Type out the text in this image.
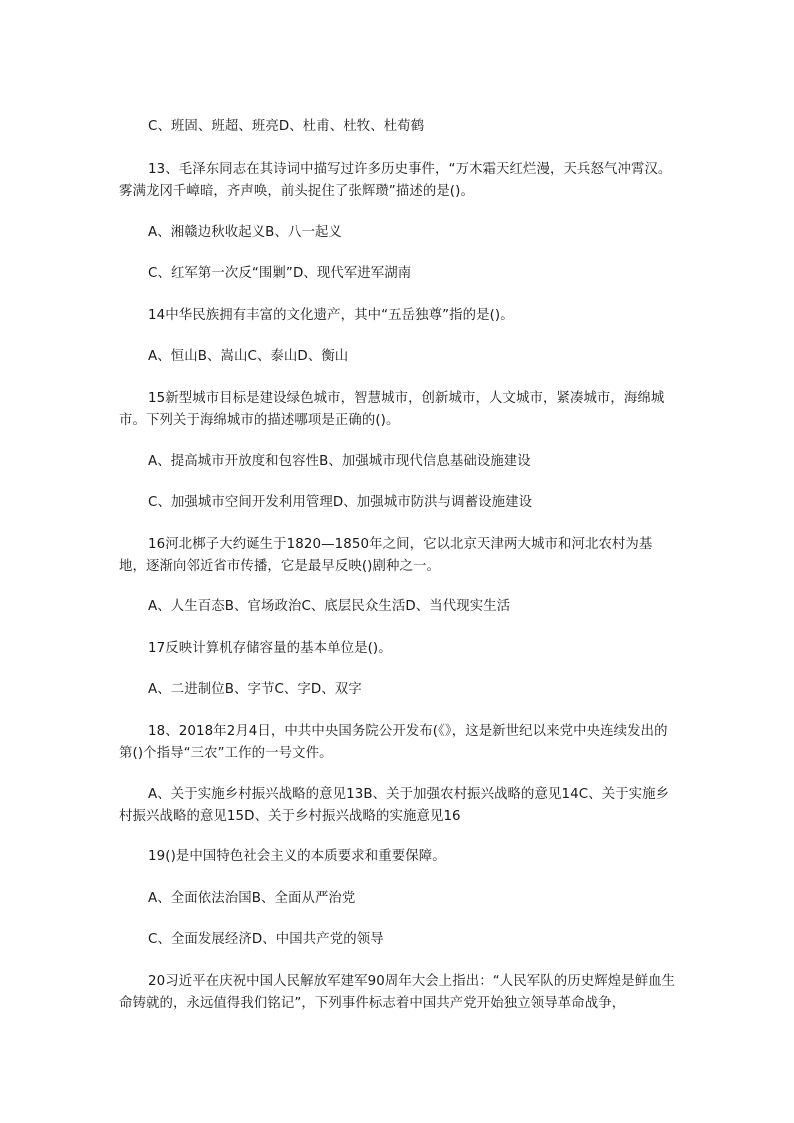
C、班固、班超、班亮D、杜甫、杜牧、杜荀鹤

13、毛泽东同志在其诗词中描写过许多历史事件，“万木霜天红烂漫，天兵怒气冲霄汉。雾满龙冈千嶂暗，齐声唤，前头捉住了张辉瓒”描述的是()。

A、湘赣边秋收起义B、八一起义

C、红军第一次反“围剿”D、现代军进军湖南

14中华民族拥有丰富的文化遗产，其中“五岳独尊”指的是()。

A、恒山B、嵩山C、泰山D、衡山

15新型城市目标是建设绿色城市，智慧城市，创新城市，人文城市，紧凑城市，海绵城市。下列关于海绵城市的描述哪项是正确的()。

A、提高城市开放度和包容性B、加强城市现代信息基础设施建设

C、加强城市空间开发利用管理D、加强城市防洪与调蓄设施建设

16河北梆子大约诞生于1820—1850年之间，它以北京天津两大城市和河北农村为基地，逐渐向邻近省市传播，它是最早反映()剧种之一。

A、人生百态B、官场政治C、底层民众生活D、当代现实生活

17反映计算机存储容量的基本单位是()。

A、二进制位B、字节C、字D、双字

18、2018年2月4日，中共中央国务院公开发布(《》，这是新世纪以来党中央连续发出的第()个指导“三农”工作的一号文件。

A、关于实施乡村振兴战略的意见13B、关于加强农村振兴战略的意见14C、关于实施乡村振兴战略的意见15D、关于乡村振兴战略的实施意见16

19()是中国特色社会主义的本质要求和重要保障。

A、全面依法治国B、全面从严治党

C、全面发展经济D、中国共产党的领导

20习近平在庆祝中国人民解放军建军90周年大会上指出：“人民军队的历史辉煌是鲜血生命铸就的，永远值得我们铭记”，下列事件标志着中国共产党开始独立领导革命战争，
